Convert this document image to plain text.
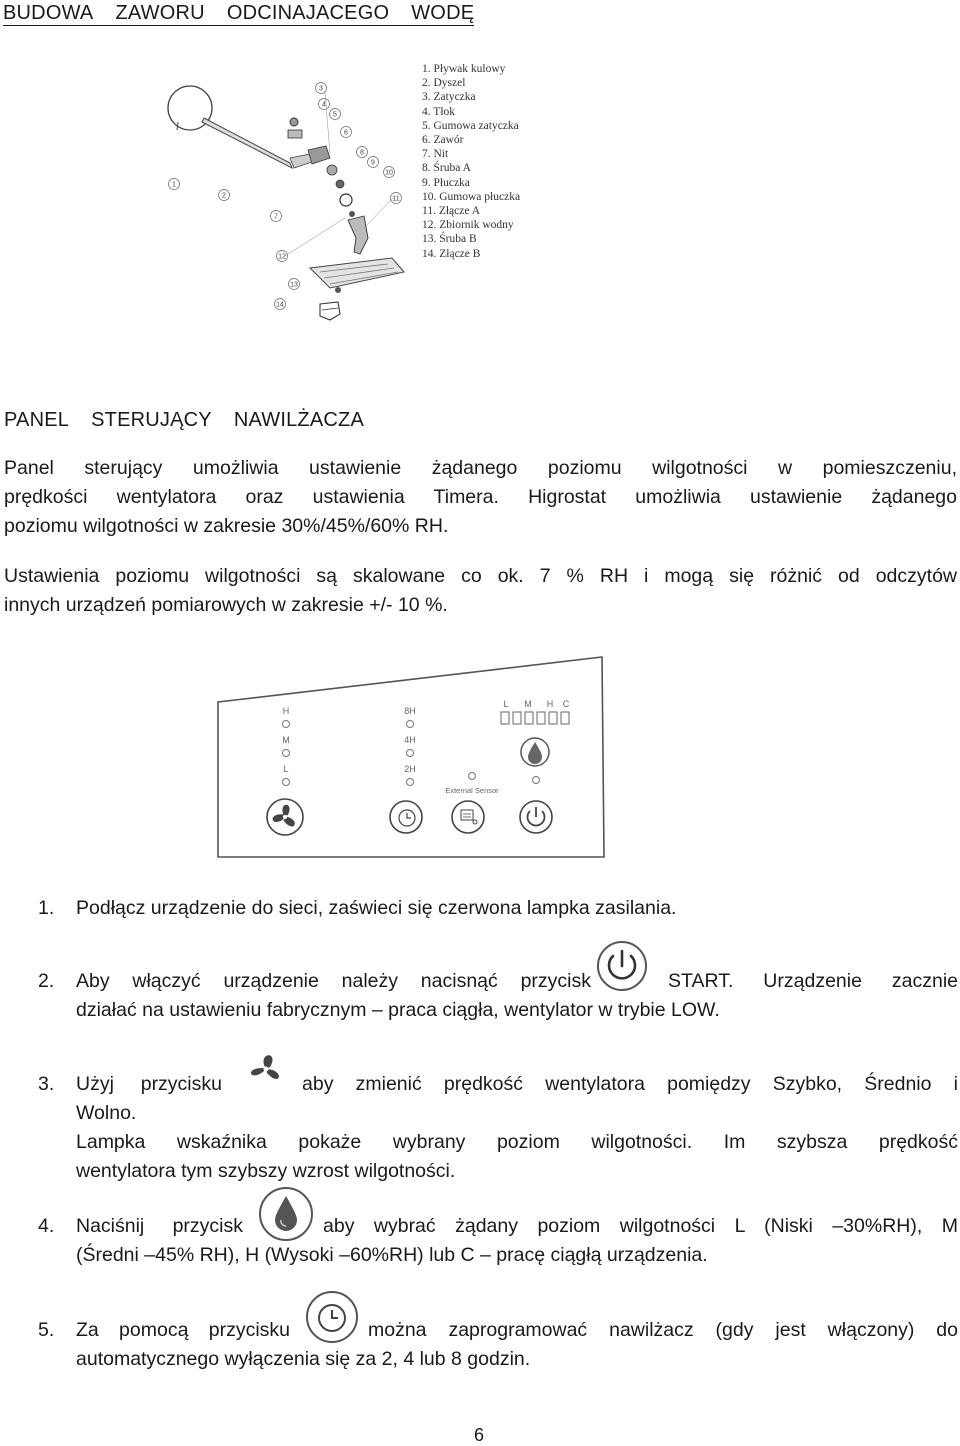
BUDOWA ZAWORU ODCINAJACEGO WODĘ
1
2
3
4
5
6
7
8
9
10
11
12
13
14
1. Pływak kulowy
2. Dyszel
3. Zatyczka
4. Tłok
5. Gumowa zatyczka
6. Zawór
7. Nit
8. Śruba A
9. Płuczka
10. Gumowa płuczka
11. Złącze A
12. Zbiornik wodny
13. Śruba B
14. Złącze B
PANEL STERUJĄCY NAWILŻACZA
Panel sterujący umożliwia ustawienie żądanego poziomu wilgotności w pomieszczeniu,
prędkości wentylatora oraz ustawienia Timera. Higrostat umożliwia ustawienie żądanego
poziomu wilgotności w zakresie 30%/45%/60% RH.
Ustawienia poziomu wilgotności są skalowane co ok. 7 % RH i mogą się różnić od odczytów
innych urządzeń pomiarowych w zakresie +/- 10 %.
H
M
L
8H
4H
2H
External Sensor
L M H C
1.	Podłącz urządzenie do sieci, zaświeci się czerwona lampka zasilania.
2.	Aby włączyć urządzenie należy nacisnąć przycisk	START. Urządzenie zacznie
działać na ustawieniu fabrycznym – praca ciągła, wentylator w trybie LOW.
3.	Użyj przycisku	aby zmienić prędkość wentylatora pomiędzy Szybko, Średnio i
Wolno.
Lampka wskaźnika pokaże wybrany poziom wilgotności. Im szybsza prędkość
wentylatora tym szybszy wzrost wilgotności.
4.	Naciśnij przycisk	aby wybrać żądany poziom wilgotności L (Niski –30%RH), M
(Średni –45% RH), H (Wysoki –60%RH) lub C – pracę ciągłą urządzenia.
5.	Za pomocą przycisku	można zaprogramować nawilżacz (gdy jest włączony) do
automatycznego wyłączenia się za 2, 4 lub 8 godzin.
6
